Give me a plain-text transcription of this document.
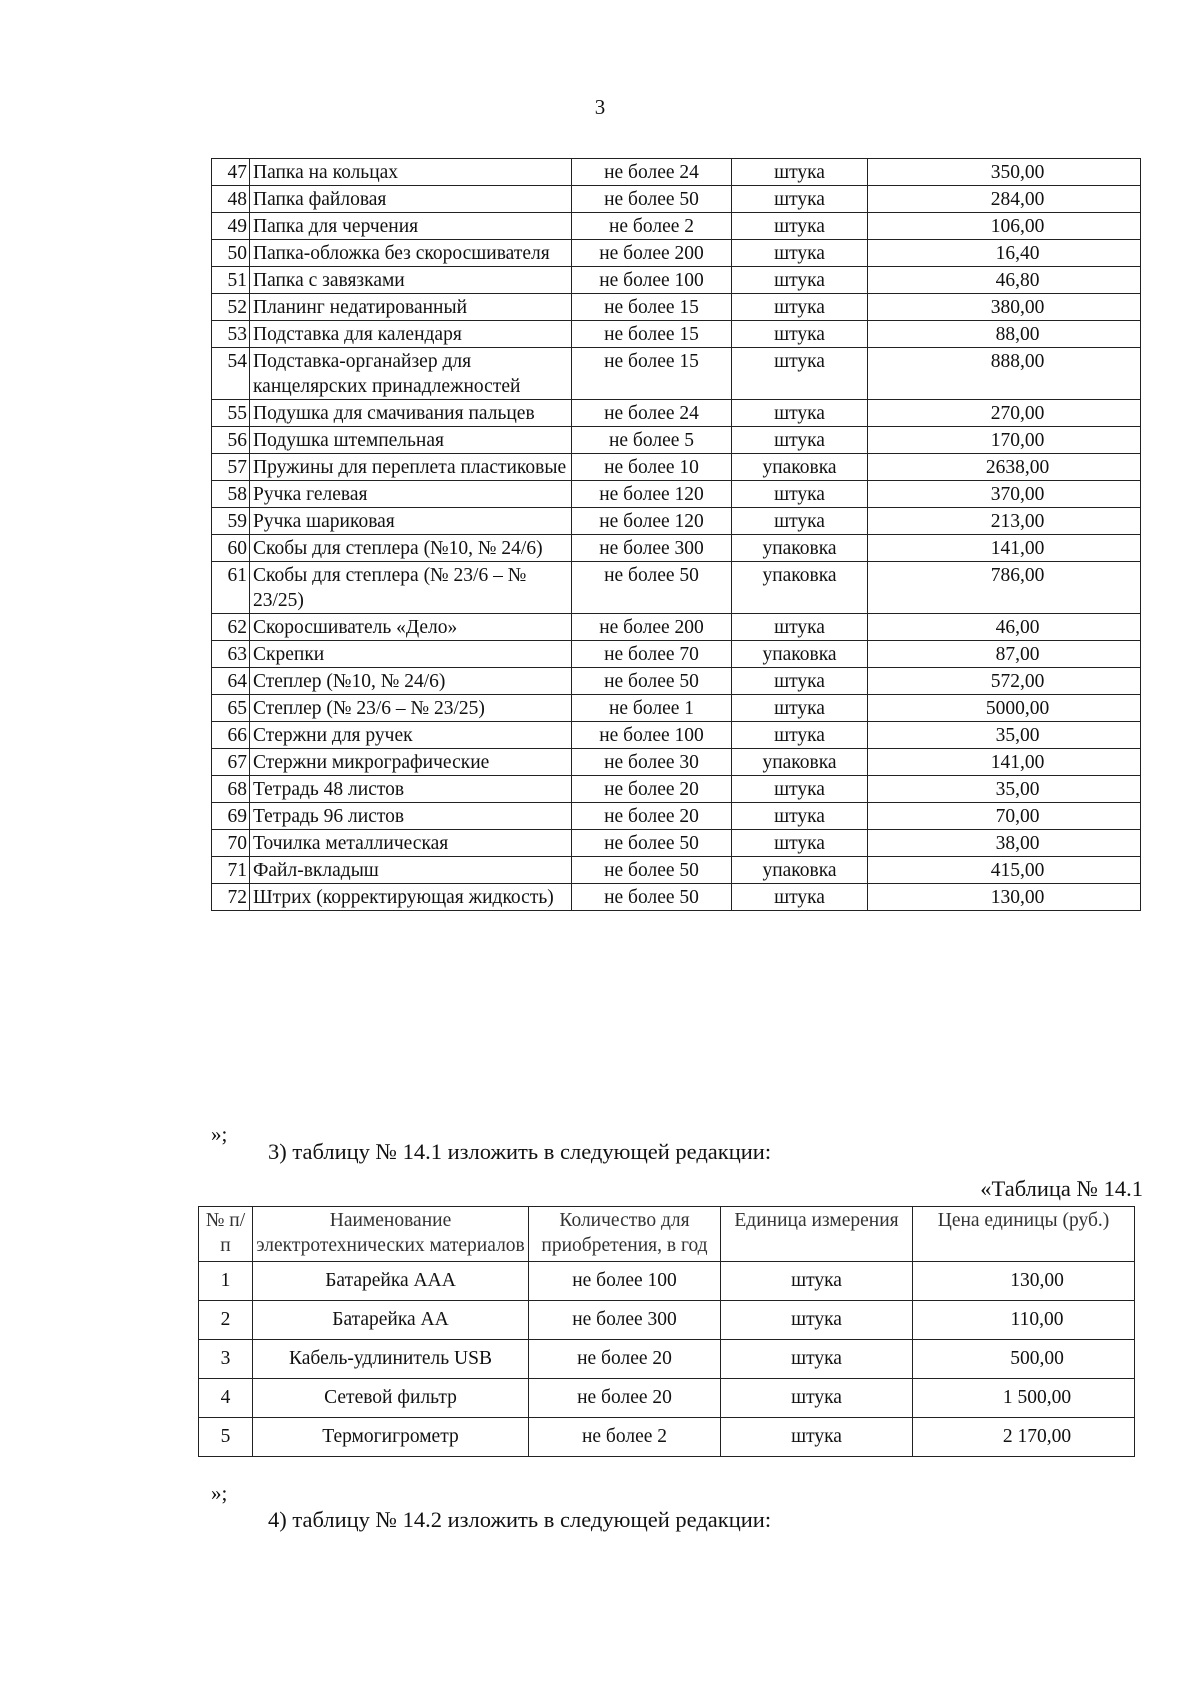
3
47	Папка на кольцах	не более 24	штука	350,00
48	Папка файловая	не более 50	штука	284,00
49	Папка для черчения	не более 2	штука	106,00
50	Папка-обложка без скоросшивателя	не более 200	штука	16,40
51	Папка с завязками	не более 100	штука	46,80
52	Планинг недатированный	не более 15	штука	380,00
53	Подставка для календаря	не более 15	штука	88,00
54	Подставка-органайзер для канцелярских принадлежностей	не более 15	штука	888,00
55	Подушка для смачивания пальцев	не более 24	штука	270,00
56	Подушка штемпельная	не более 5	штука	170,00
57	Пружины для переплета пластиковые	не более 10	упаковка	2638,00
58	Ручка гелевая	не более 120	штука	370,00
59	Ручка шариковая	не более 120	штука	213,00
60	Скобы для степлера (№10, № 24/6)	не более 300	упаковка	141,00
61	Скобы для степлера (№ 23/6 – № 23/25)	не более 50	упаковка	786,00
62	Скоросшиватель «Дело»	не более 200	штука	46,00
63	Скрепки	не более 70	упаковка	87,00
64	Степлер (№10, № 24/6)	не более 50	штука	572,00
65	Степлер (№ 23/6 – № 23/25)	не более 1	штука	5000,00
66	Стержни для ручек	не более 100	штука	35,00
67	Стержни микрографические	не более 30	упаковка	141,00
68	Тетрадь 48 листов	не более 20	штука	35,00
69	Тетрадь 96 листов	не более 20	штука	70,00
70	Точилка металлическая	не более 50	штука	38,00
71	Файл-вкладыш	не более 50	упаковка	415,00
72	Штрих (корректирующая жидкость)	не более 50	штука	130,00
»;
3) таблицу № 14.1 изложить в следующей редакции:
«Таблица № 14.1
№ п/п	Наименование электротехнических материалов	Количество для приобретения, в год	Единица измерения	Цена единицы (руб.)
1	Батарейка ААА	не более 100	штука	130,00
2	Батарейка АА	не более 300	штука	110,00
3	Кабель-удлинитель USB	не более 20	штука	500,00
4	Сетевой фильтр	не более 20	штука	1 500,00
5	Термогигрометр	не более 2	штука	2 170,00
»;
4) таблицу № 14.2 изложить в следующей редакции:
